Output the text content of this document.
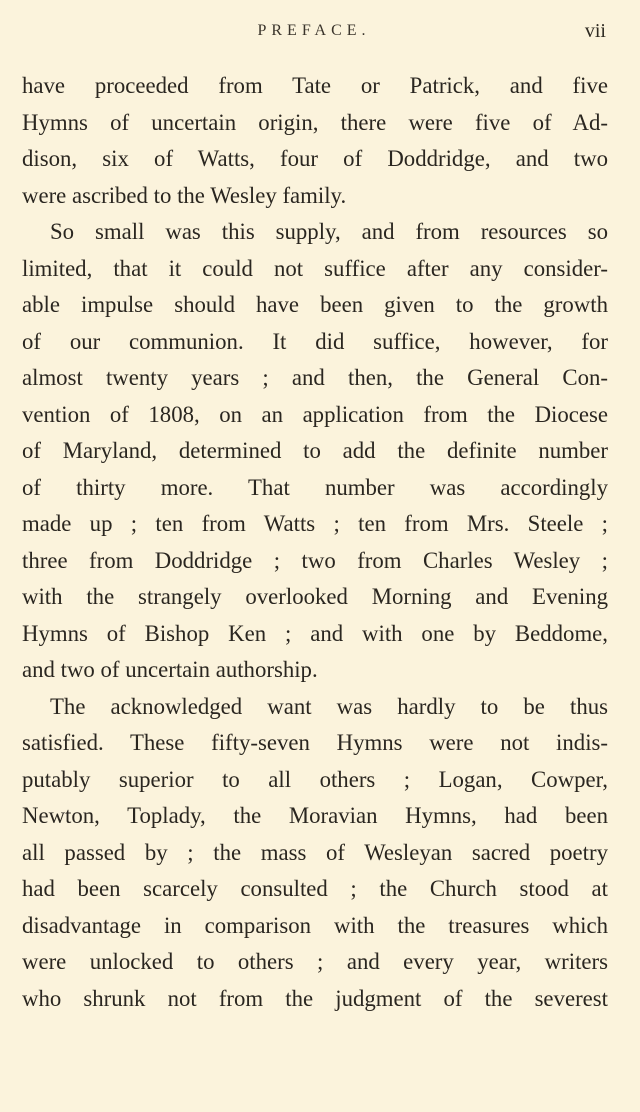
PREFACE.	vii
have proceeded from Tate or Patrick, and five
Hymns of uncertain origin, there were five of Ad-
dison, six of Watts, four of Doddridge, and two
were ascribed to the Wesley family.
So small was this supply, and from resources so
limited, that it could not suffice after any consider-
able impulse should have been given to the growth
of our communion. It did suffice, however, for
almost twenty years ; and then, the General Con-
vention of 1808, on an application from the Diocese
of Maryland, determined to add the definite number
of thirty more. That number was accordingly
made up ; ten from Watts ; ten from Mrs. Steele ;
three from Doddridge ; two from Charles Wesley ;
with the strangely overlooked Morning and Evening
Hymns of Bishop Ken ; and with one by Beddome,
and two of uncertain authorship.
The acknowledged want was hardly to be thus
satisfied. These fifty-seven Hymns were not indis-
putably superior to all others ; Logan, Cowper,
Newton, Toplady, the Moravian Hymns, had been
all passed by ; the mass of Wesleyan sacred poetry
had been scarcely consulted ; the Church stood at
disadvantage in comparison with the treasures which
were unlocked to others ; and every year, writers
who shrunk not from the judgment of the severest
